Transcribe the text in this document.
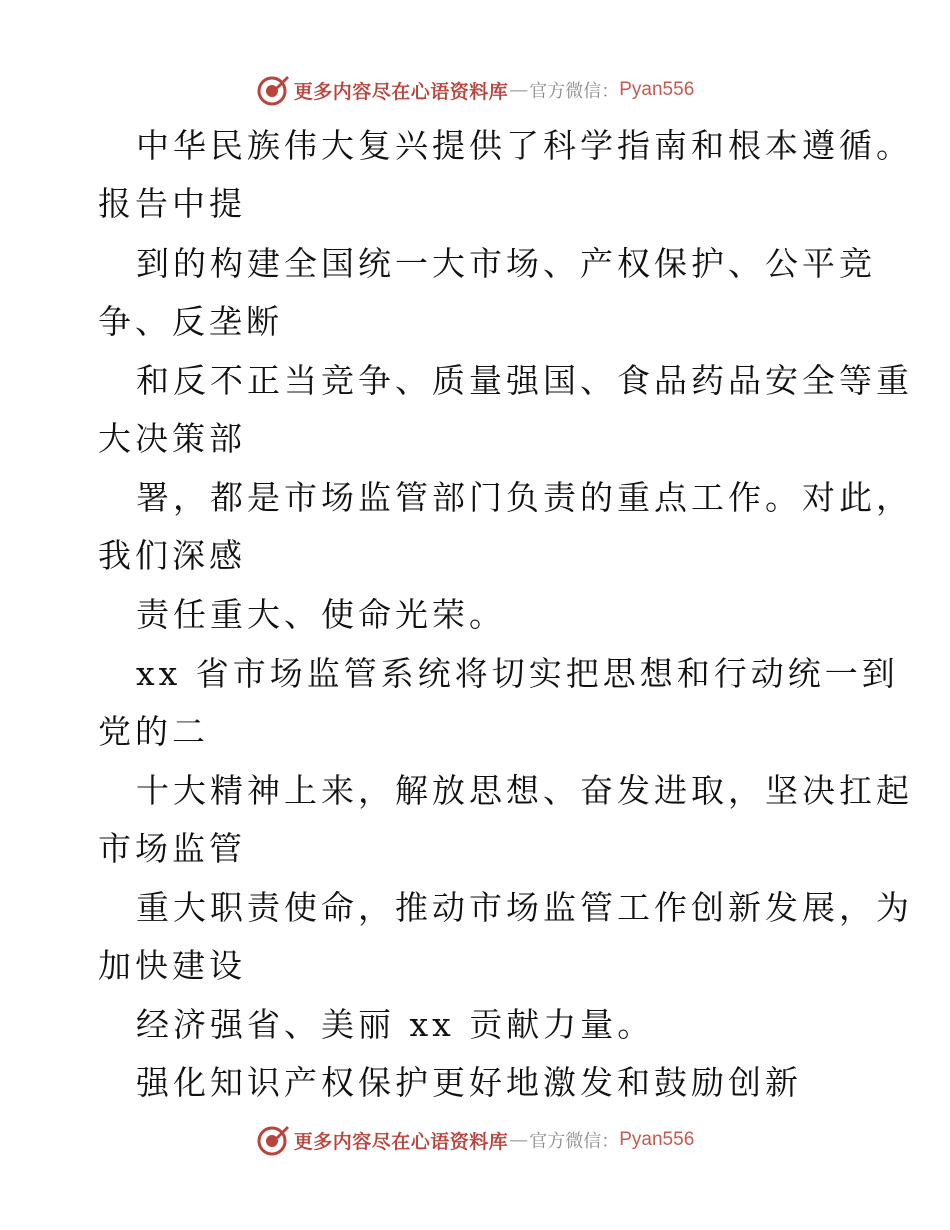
更多内容尽在心语资料库 — 官方微信： Pyan556
中华民族伟大复兴提供了科学指南和根本遵循。
报告中提
到的构建全国统一大市场、产权保护、公平竞
争、反垄断
和反不正当竞争、质量强国、食品药品安全等重
大决策部
署，都是市场监管部门负责的重点工作。对此，
我们深感
责任重大、使命光荣。
xx 省市场监管系统将切实把思想和行动统一到
党的二
十大精神上来，解放思想、奋发进取，坚决扛起
市场监管
重大职责使命，推动市场监管工作创新发展，为
加快建设
经济强省、美丽 xx 贡献力量。
强化知识产权保护更好地激发和鼓励创新
更多内容尽在心语资料库 — 官方微信： Pyan556
